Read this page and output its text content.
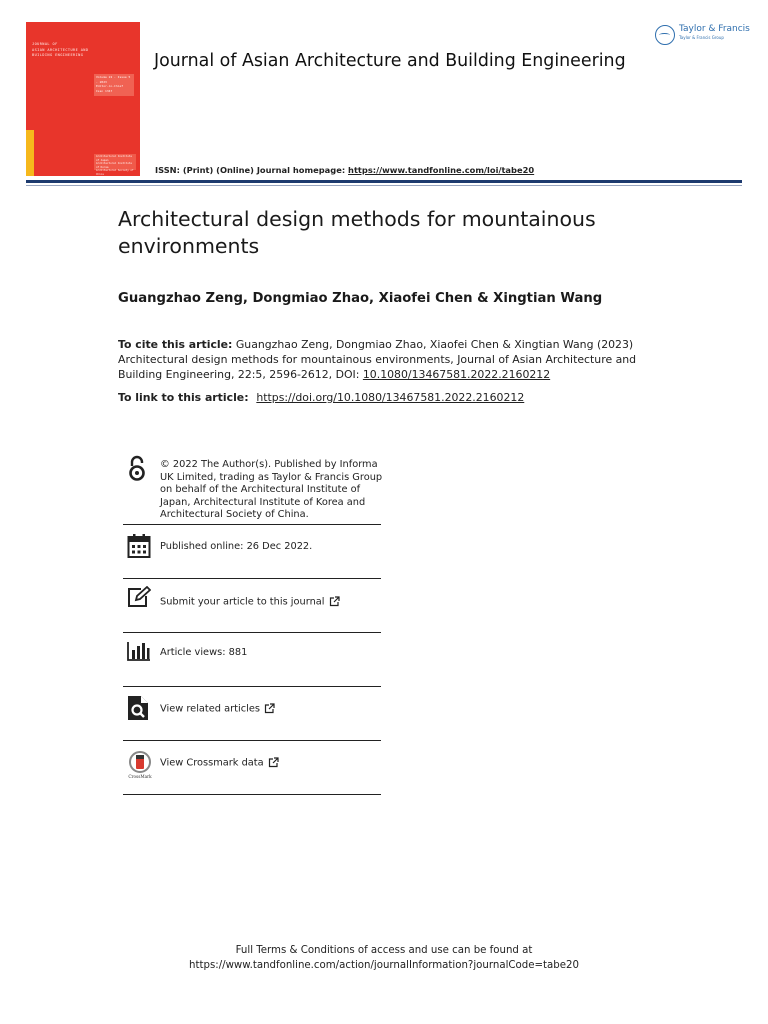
JOURNAL OF
ASIAN ARCHITECTURE AND
BUILDING ENGINEERING
Volume 22 · Issue 5 · 2023
Editor-in-Chief
Issn 1347
Architectural Institute of Japan
Architectural Institute of Korea
Architectural Society of China
Journal of Asian Architecture and Building Engineering
Taylor & Francis
Taylor & Francis Group
ISSN: (Print) (Online) Journal homepage: https://www.tandfonline.com/loi/tabe20
Architectural design methods for mountainous environments
Guangzhao Zeng, Dongmiao Zhao, Xiaofei Chen & Xingtian Wang
To cite this article: Guangzhao Zeng, Dongmiao Zhao, Xiaofei Chen & Xingtian Wang (2023) Architectural design methods for mountainous environments, Journal of Asian Architecture and Building Engineering, 22:5, 2596-2612, DOI: 10.1080/13467581.2022.2160212
To link to this article: https://doi.org/10.1080/13467581.2022.2160212
© 2022 The Author(s). Published by Informa UK Limited, trading as Taylor & Francis Group on behalf of the Architectural Institute of Japan, Architectural Institute of Korea and Architectural Society of China.
Published online: 26 Dec 2022.
Submit your article to this journal
Article views: 881
View related articles
CrossMark
View Crossmark data
Full Terms & Conditions of access and use can be found at
https://www.tandfonline.com/action/journalInformation?journalCode=tabe20
